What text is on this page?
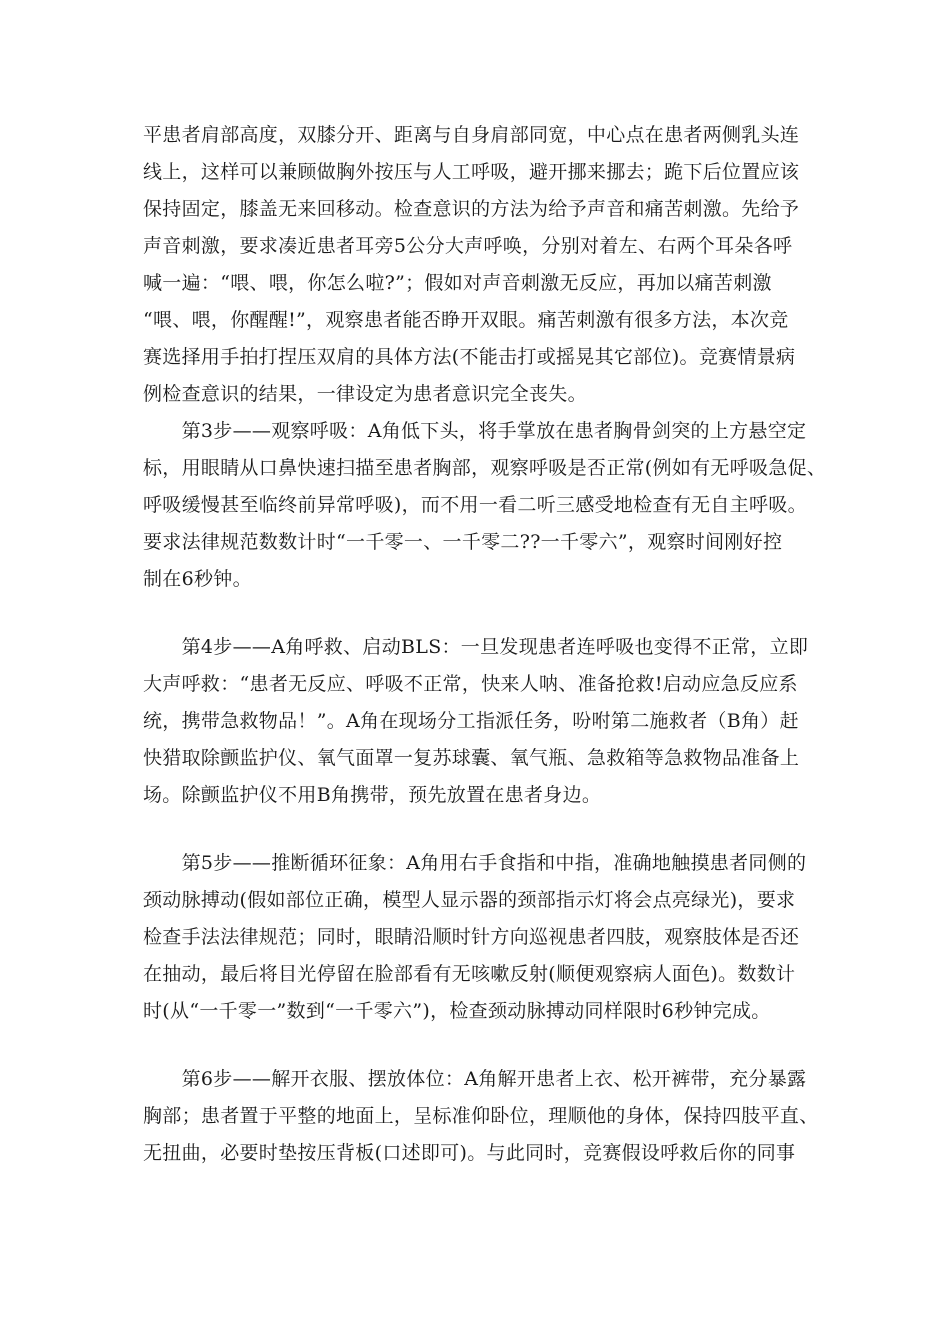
平患者肩部高度，双膝分开、距离与自身肩部同宽，中心点在患者两侧乳头连
线上，这样可以兼顾做胸外按压与人工呼吸，避开挪来挪去；跪下后位置应该
保持固定，膝盖无来回移动。检查意识的方法为给予声音和痛苦刺激。先给予
声音刺激，要求凑近患者耳旁5公分大声呼唤，分别对着左、右两个耳朵各呼
喊一遍：“喂、喂，你怎么啦?”；假如对声音刺激无反应，再加以痛苦刺激
“喂、喂，你醒醒!”，观察患者能否睁开双眼。痛苦刺激有很多方法，本次竞
赛选择用手拍打捏压双肩的具体方法(不能击打或摇晃其它部位)。竞赛情景病
例检查意识的结果，一律设定为患者意识完全丧失。
　　第3步——观察呼吸：A角低下头，将手掌放在患者胸骨剑突的上方悬空定
标，用眼睛从口鼻快速扫描至患者胸部，观察呼吸是否正常(例如有无呼吸急促、
呼吸缓慢甚至临终前异常呼吸)，而不用一看二听三感受地检查有无自主呼吸。
要求法律规范数数计时“一千零一、一千零二??一千零六”，观察时间刚好控
制在6秒钟。
　　第4步——A角呼救、启动BLS：一旦发现患者连呼吸也变得不正常，立即
大声呼救：“患者无反应、呼吸不正常，快来人呐、准备抢救!启动应急反应系
统，携带急救物品！”。A角在现场分工指派任务，吩咐第二施救者（B角）赶
快猎取除颤监护仪、氧气面罩一复苏球囊、氧气瓶、急救箱等急救物品准备上
场。除颤监护仪不用B角携带，预先放置在患者身边。
　　第5步——推断循环征象：A角用右手食指和中指，准确地触摸患者同侧的
颈动脉搏动(假如部位正确，模型人显示器的颈部指示灯将会点亮绿光)，要求
检查手法法律规范；同时，眼睛沿顺时针方向巡视患者四肢，观察肢体是否还
在抽动，最后将目光停留在脸部看有无咳嗽反射(顺便观察病人面色)。数数计
时(从“一千零一”数到“一千零六”)，检查颈动脉搏动同样限时6秒钟完成。
　　第6步——解开衣服、摆放体位：A角解开患者上衣、松开裤带，充分暴露
胸部；患者置于平整的地面上，呈标准仰卧位，理顺他的身体，保持四肢平直、
无扭曲，必要时垫按压背板(口述即可)。与此同时，竞赛假设呼救后你的同事
